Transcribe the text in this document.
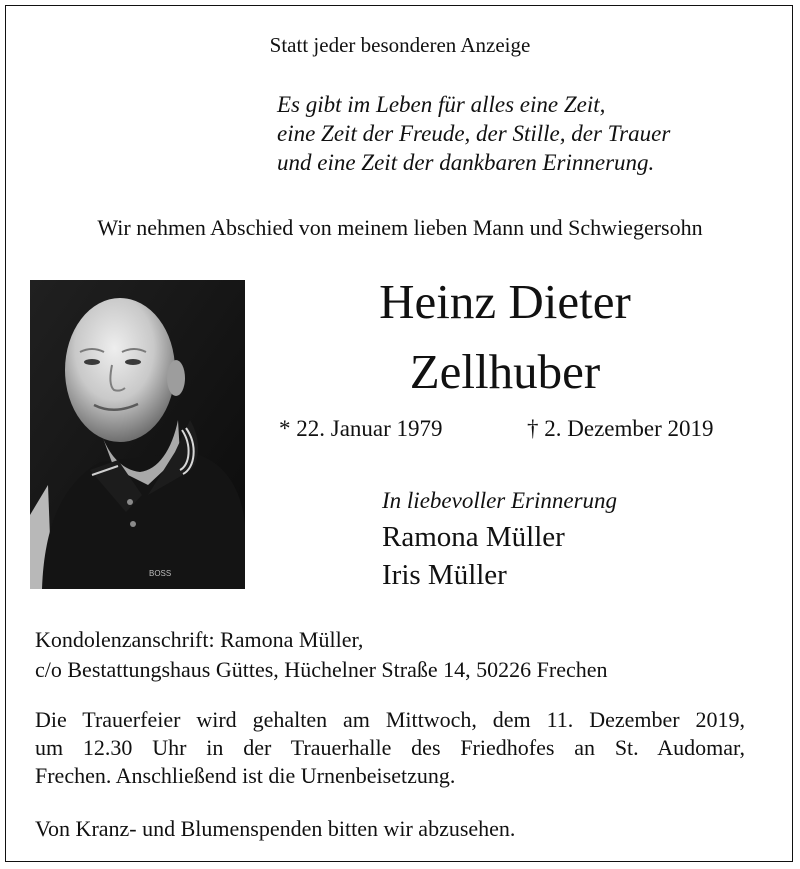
Statt jeder besonderen Anzeige
Es gibt im Leben für alles eine Zeit,
eine Zeit der Freude, der Stille, der Trauer
und eine Zeit der dankbaren Erinnerung.
Wir nehmen Abschied von meinem lieben Mann und Schwiegersohn
BOSS
Heinz Dieter
Zellhuber
* 22. Januar 1979	† 2. Dezember 2019
In liebevoller Erinnerung
Ramona Müller
Iris Müller
Kondolenzanschrift: Ramona Müller,
c/o Bestattungshaus Güttes, Hüchelner Straße 14, 50226 Frechen
Die Trauerfeier wird gehalten am Mittwoch, dem 11. Dezember 2019,
um 12.30 Uhr in der Trauerhalle des Friedhofes an St. Audomar,
Frechen. Anschließend ist die Urnenbeisetzung.
Von Kranz- und Blumenspenden bitten wir abzusehen.
